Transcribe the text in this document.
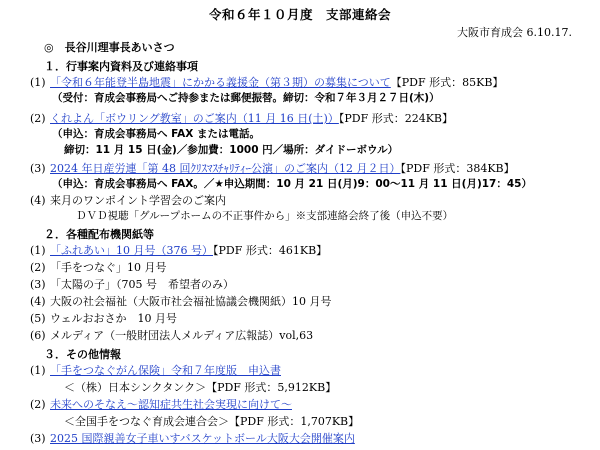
令和６年１０月度　支部連絡会
大阪市育成会 6.10.17.
◎　 長谷川理事長あいさつ
１．行事案内資料及び連絡事項
(1) 「令和６年能登半島地震」にかかる義援金（第３期）の募集について【PDF 形式：85KB】
（受付：育成会事務局へご持参または郵便振替。締切：令和７年３月２７日(木)）
(2) くれよん「ボウリング教室」のご案内（11 月 16 日(土)）【PDF 形式：224KB】
（申込：育成会事務局へ FAX または電話。
締切：11 月 15 日(金)／参加費：1000 円／場所：ダイドーボウル）
(3) 2024 年日産労連「第 48 回ｸﾘｽﾏｽﾁｬﾘﾃｨｰ公演」のご案内（12 月２日）【PDF 形式：384KB】
（申込：育成会事務局へ FAX。／★申込期間：10 月 21 日(月)9：00～11 月 11 日(月)17：45）
(4) 来月のワンポイント学習会のご案内
ＤＶＤ視聴「グループホームの不正事件から」※支部連絡会終了後（申込不要）
２．各種配布機関紙等
(1) 「ふれあい」10 月号（376 号）【PDF 形式：461KB】
(2) 「手をつなぐ」10 月号
(3) 「太陽の子」（705 号　希望者のみ）
(4) 大阪の社会福祉（大阪市社会福祉協議会機関紙）10 月号
(5) ウェルおおさか　10 月号
(6) メルディア（一般財団法人メルディア広報誌）vol,63
３．その他情報
(1) 「手をつなぐがん保険」令和７年度版　申込書
＜（株）日本シンクタンク＞【PDF 形式：5,912KB】
(2) 未来へのそなえ～認知症共生社会実現に向けて～
＜全国手をつなぐ育成会連合会＞【PDF 形式：1,707KB】
(3) 2025 国際親善女子車いすバスケットボール大阪大会開催案内
